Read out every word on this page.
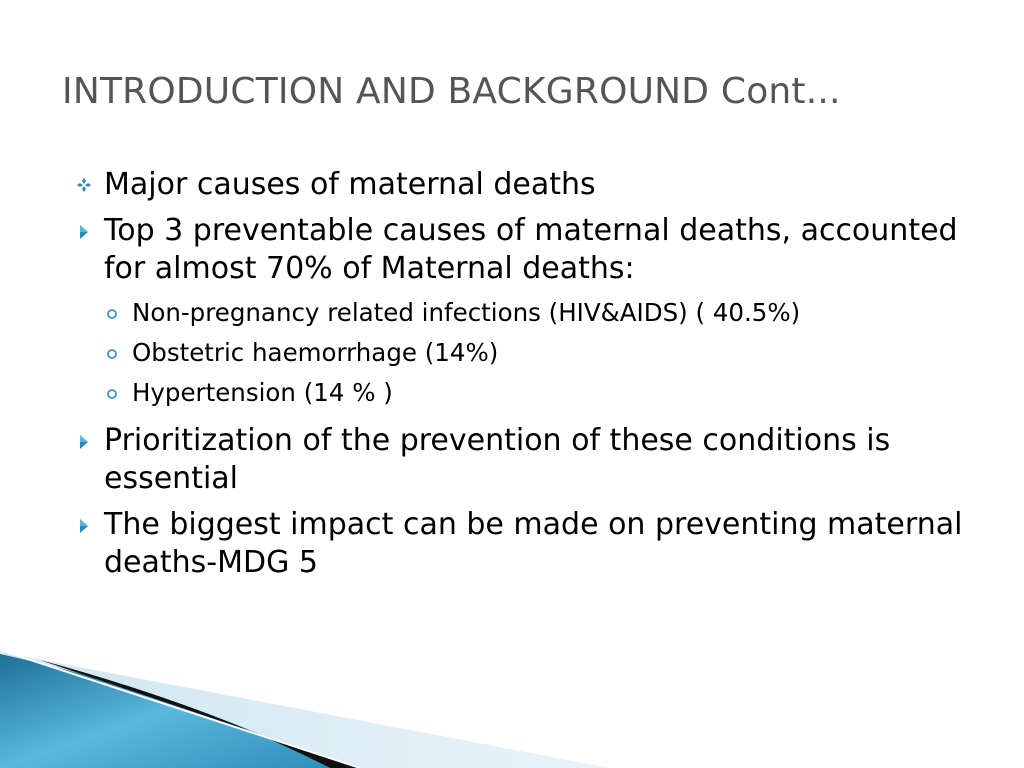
INTRODUCTION AND BACKGROUND Cont...
Major causes of maternal deaths
Top 3 preventable causes of maternal deaths, accounted for almost 70% of Maternal deaths:
Non-pregnancy related infections (HIV&AIDS) ( 40.5%)
Obstetric haemorrhage (14%)
Hypertension (14 % )
Prioritization of the prevention of these conditions is essential
The biggest impact can be made on preventing maternal deaths-MDG 5
